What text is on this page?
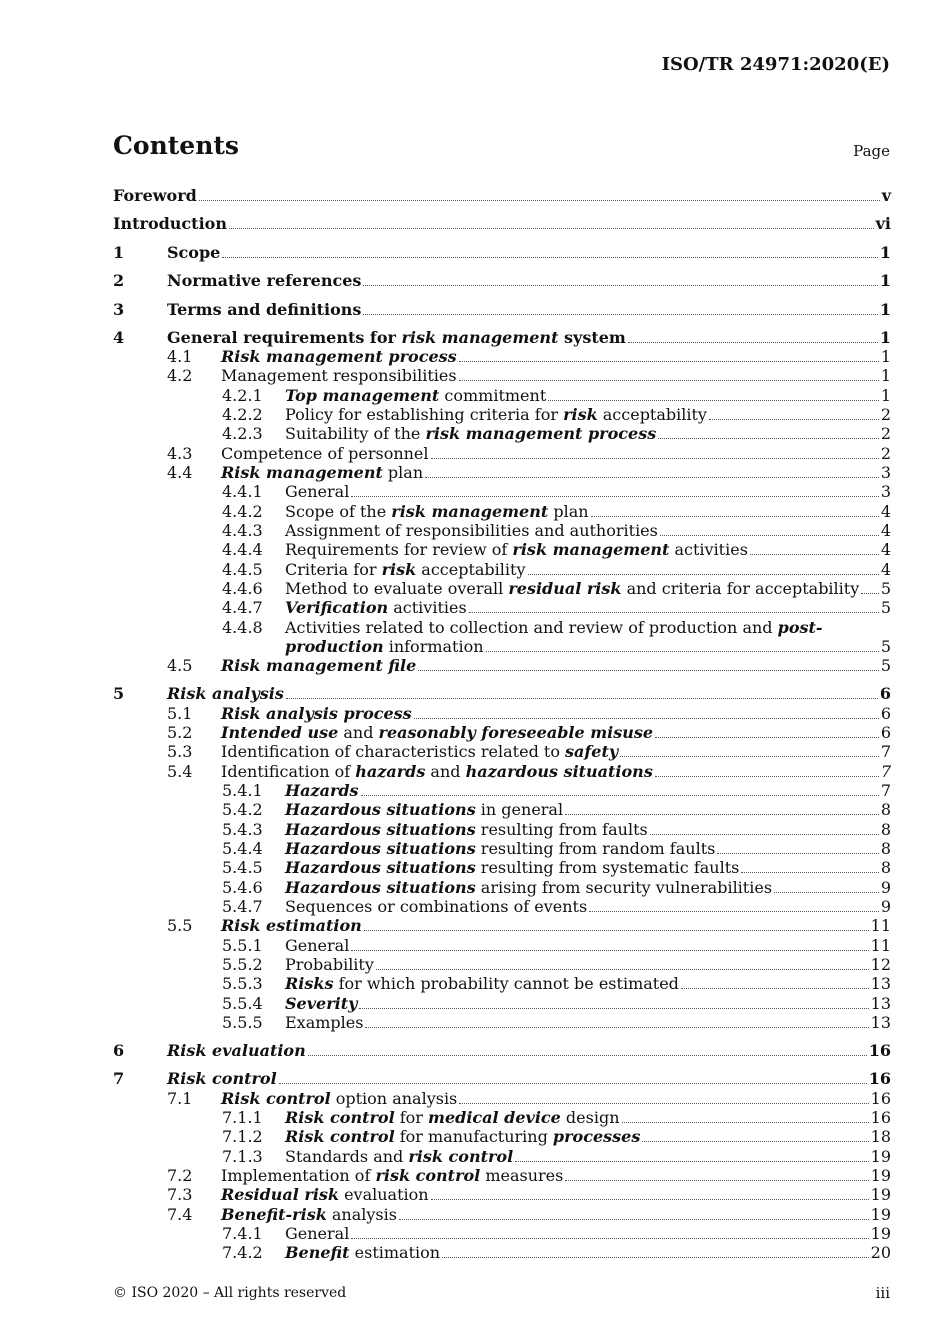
ISO/TR 24971:2020(E)
Contents	Page
Foreword	v
Introduction	vi
1	Scope	1
2	Normative references	1
3	Terms and definitions	1
4	General requirements for risk management system	1
4.1	Risk management process	1
4.2	Management responsibilities	1
4.2.1	Top management commitment	1
4.2.2	Policy for establishing criteria for risk acceptability	2
4.2.3	Suitability of the risk management process	2
4.3	Competence of personnel	2
4.4	Risk management plan	3
4.4.1	General	3
4.4.2	Scope of the risk management plan	4
4.4.3	Assignment of responsibilities and authorities	4
4.4.4	Requirements for review of risk management activities	4
4.4.5	Criteria for risk acceptability	4
4.4.6	Method to evaluate overall residual risk and criteria for acceptability 5
4.4.7	Verification activities	5
4.4.8	Activities related to collection and review of production and post-
production information	5
4.5	Risk management file	5
5	Risk analysis	6
5.1	Risk analysis process	6
5.2	Intended use and reasonably foreseeable misuse	6
5.3	Identification of characteristics related to safety	7
5.4	Identification of hazards and hazardous situations	7
5.4.1	Hazards	7
5.4.2	Hazardous situations in general	8
5.4.3	Hazardous situations resulting from faults	8
5.4.4	Hazardous situations resulting from random faults	8
5.4.5	Hazardous situations resulting from systematic faults	8
5.4.6	Hazardous situations arising from security vulnerabilities	9
5.4.7	Sequences or combinations of events	9
5.5	Risk estimation	11
5.5.1	General	11
5.5.2	Probability	12
5.5.3	Risks for which probability cannot be estimated	13
5.5.4	Severity	13
5.5.5	Examples	13
6	Risk evaluation	16
7	Risk control	16
7.1	Risk control option analysis	16
7.1.1	Risk control for medical device design	16
7.1.2	Risk control for manufacturing processes	18
7.1.3	Standards and risk control	19
7.2	Implementation of risk control measures	19
7.3	Residual risk evaluation	19
7.4	Benefit-risk analysis	19
7.4.1	General	19
7.4.2	Benefit estimation	20
© ISO 2020 – All rights reserved	iii
